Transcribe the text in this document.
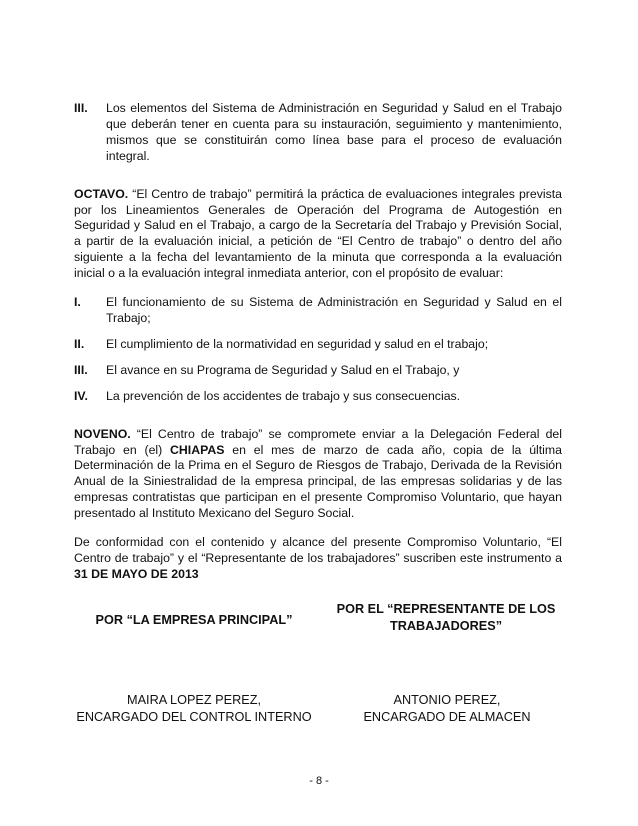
III.	Los elementos del Sistema de Administración en Seguridad y Salud en el Trabajo que deberán tener en cuenta para su instauración, seguimiento y mantenimiento, mismos que se constituirán como línea base para el proceso de evaluación integral.

OCTAVO. “El Centro de trabajo” permitirá la práctica de evaluaciones integrales prevista por los Lineamientos Generales de Operación del Programa de Autogestión en Seguridad y Salud en el Trabajo, a cargo de la Secretaría del Trabajo y Previsión Social, a partir de la evaluación inicial, a petición de “El Centro de trabajo” o dentro del año siguiente a la fecha del levantamiento de la minuta que corresponda a la evaluación inicial o a la evaluación integral inmediata anterior, con el propósito de evaluar:

I.	El funcionamiento de su Sistema de Administración en Seguridad y Salud en el Trabajo;
II.	El cumplimiento de la normatividad en seguridad y salud en el trabajo;
III.	El avance en su Programa de Seguridad y Salud en el Trabajo, y
IV.	La prevención de los accidentes de trabajo y sus consecuencias.

NOVENO. “El Centro de trabajo” se compromete enviar a la Delegación Federal del Trabajo en (el) CHIAPAS en el mes de marzo de cada año, copia de la última Determinación de la Prima en el Seguro de Riesgos de Trabajo, Derivada de la Revisión Anual de la Siniestralidad de la empresa principal, de las empresas solidarias y de las empresas contratistas que participan en el presente Compromiso Voluntario, que hayan presentado al Instituto Mexicano del Seguro Social.

De conformidad con el contenido y alcance del presente Compromiso Voluntario, “El Centro de trabajo” y el “Representante de los trabajadores” suscriben este instrumento a 31 DE MAYO DE 2013

POR “LA EMPRESA PRINCIPAL”
POR EL “REPRESENTANTE DE LOS
TRABAJADORES”
MAIRA LOPEZ PEREZ,
ENCARGADO DEL CONTROL INTERNO
ANTONIO PEREZ,
ENCARGADO DE ALMACEN
- 8 -
